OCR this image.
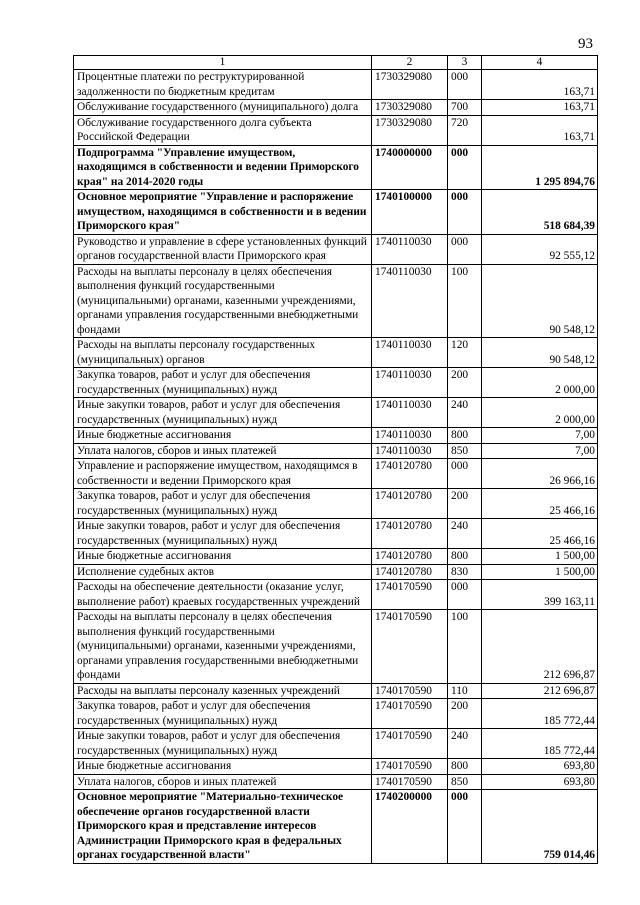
93
1	2	3	4
Процентные платежи по реструктурированной задолженности по бюджетным кредитам	1730329080	000	163,71
Обслуживание государственного (муниципального) долга	1730329080	700	163,71
Обслуживание государственного долга субъекта Российской Федерации	1730329080	720	163,71
Подпрограмма "Управление имуществом, находящимся в собственности и ведении Приморского края" на 2014-2020 годы	1740000000	000	1 295 894,76
Основное мероприятие "Управление и распоряжение имуществом, находящимся в собственности и в ведении Приморского края"	1740100000	000	518 684,39
Руководство и управление в сфере установленных функций органов государственной власти Приморского края	1740110030	000	92 555,12
Расходы на выплаты персоналу в целях обеспечения выполнения функций государственными (муниципальными) органами, казенными учреждениями, органами управления государственными внебюджетными фондами	1740110030	100	90 548,12
Расходы на выплаты персоналу государственных (муниципальных) органов	1740110030	120	90 548,12
Закупка товаров, работ и услуг для обеспечения государственных (муниципальных) нужд	1740110030	200	2 000,00
Иные закупки товаров, работ и услуг для обеспечения государственных (муниципальных) нужд	1740110030	240	2 000,00
Иные бюджетные ассигнования	1740110030	800	7,00
Уплата налогов, сборов и иных платежей	1740110030	850	7,00
Управление и распоряжение имуществом, находящимся в собственности и ведении Приморского края	1740120780	000	26 966,16
Закупка товаров, работ и услуг для обеспечения государственных (муниципальных) нужд	1740120780	200	25 466,16
Иные закупки товаров, работ и услуг для обеспечения государственных (муниципальных) нужд	1740120780	240	25 466,16
Иные бюджетные ассигнования	1740120780	800	1 500,00
Исполнение судебных актов	1740120780	830	1 500,00
Расходы на обеспечение деятельности (оказание услуг, выполнение работ) краевых государственных учреждений	1740170590	000	399 163,11
Расходы на выплаты персоналу в целях обеспечения выполнения функций государственными (муниципальными) органами, казенными учреждениями, органами управления государственными внебюджетными фондами	1740170590	100	212 696,87
Расходы на выплаты персоналу казенных учреждений	1740170590	110	212 696,87
Закупка товаров, работ и услуг для обеспечения государственных (муниципальных) нужд	1740170590	200	185 772,44
Иные закупки товаров, работ и услуг для обеспечения государственных (муниципальных) нужд	1740170590	240	185 772,44
Иные бюджетные ассигнования	1740170590	800	693,80
Уплата налогов, сборов и иных платежей	1740170590	850	693,80
Основное мероприятие "Материально-техническое обеспечение органов государственной власти Приморского края и представление интересов Администрации Приморского края в федеральных органах государственной власти"	1740200000	000	759 014,46
